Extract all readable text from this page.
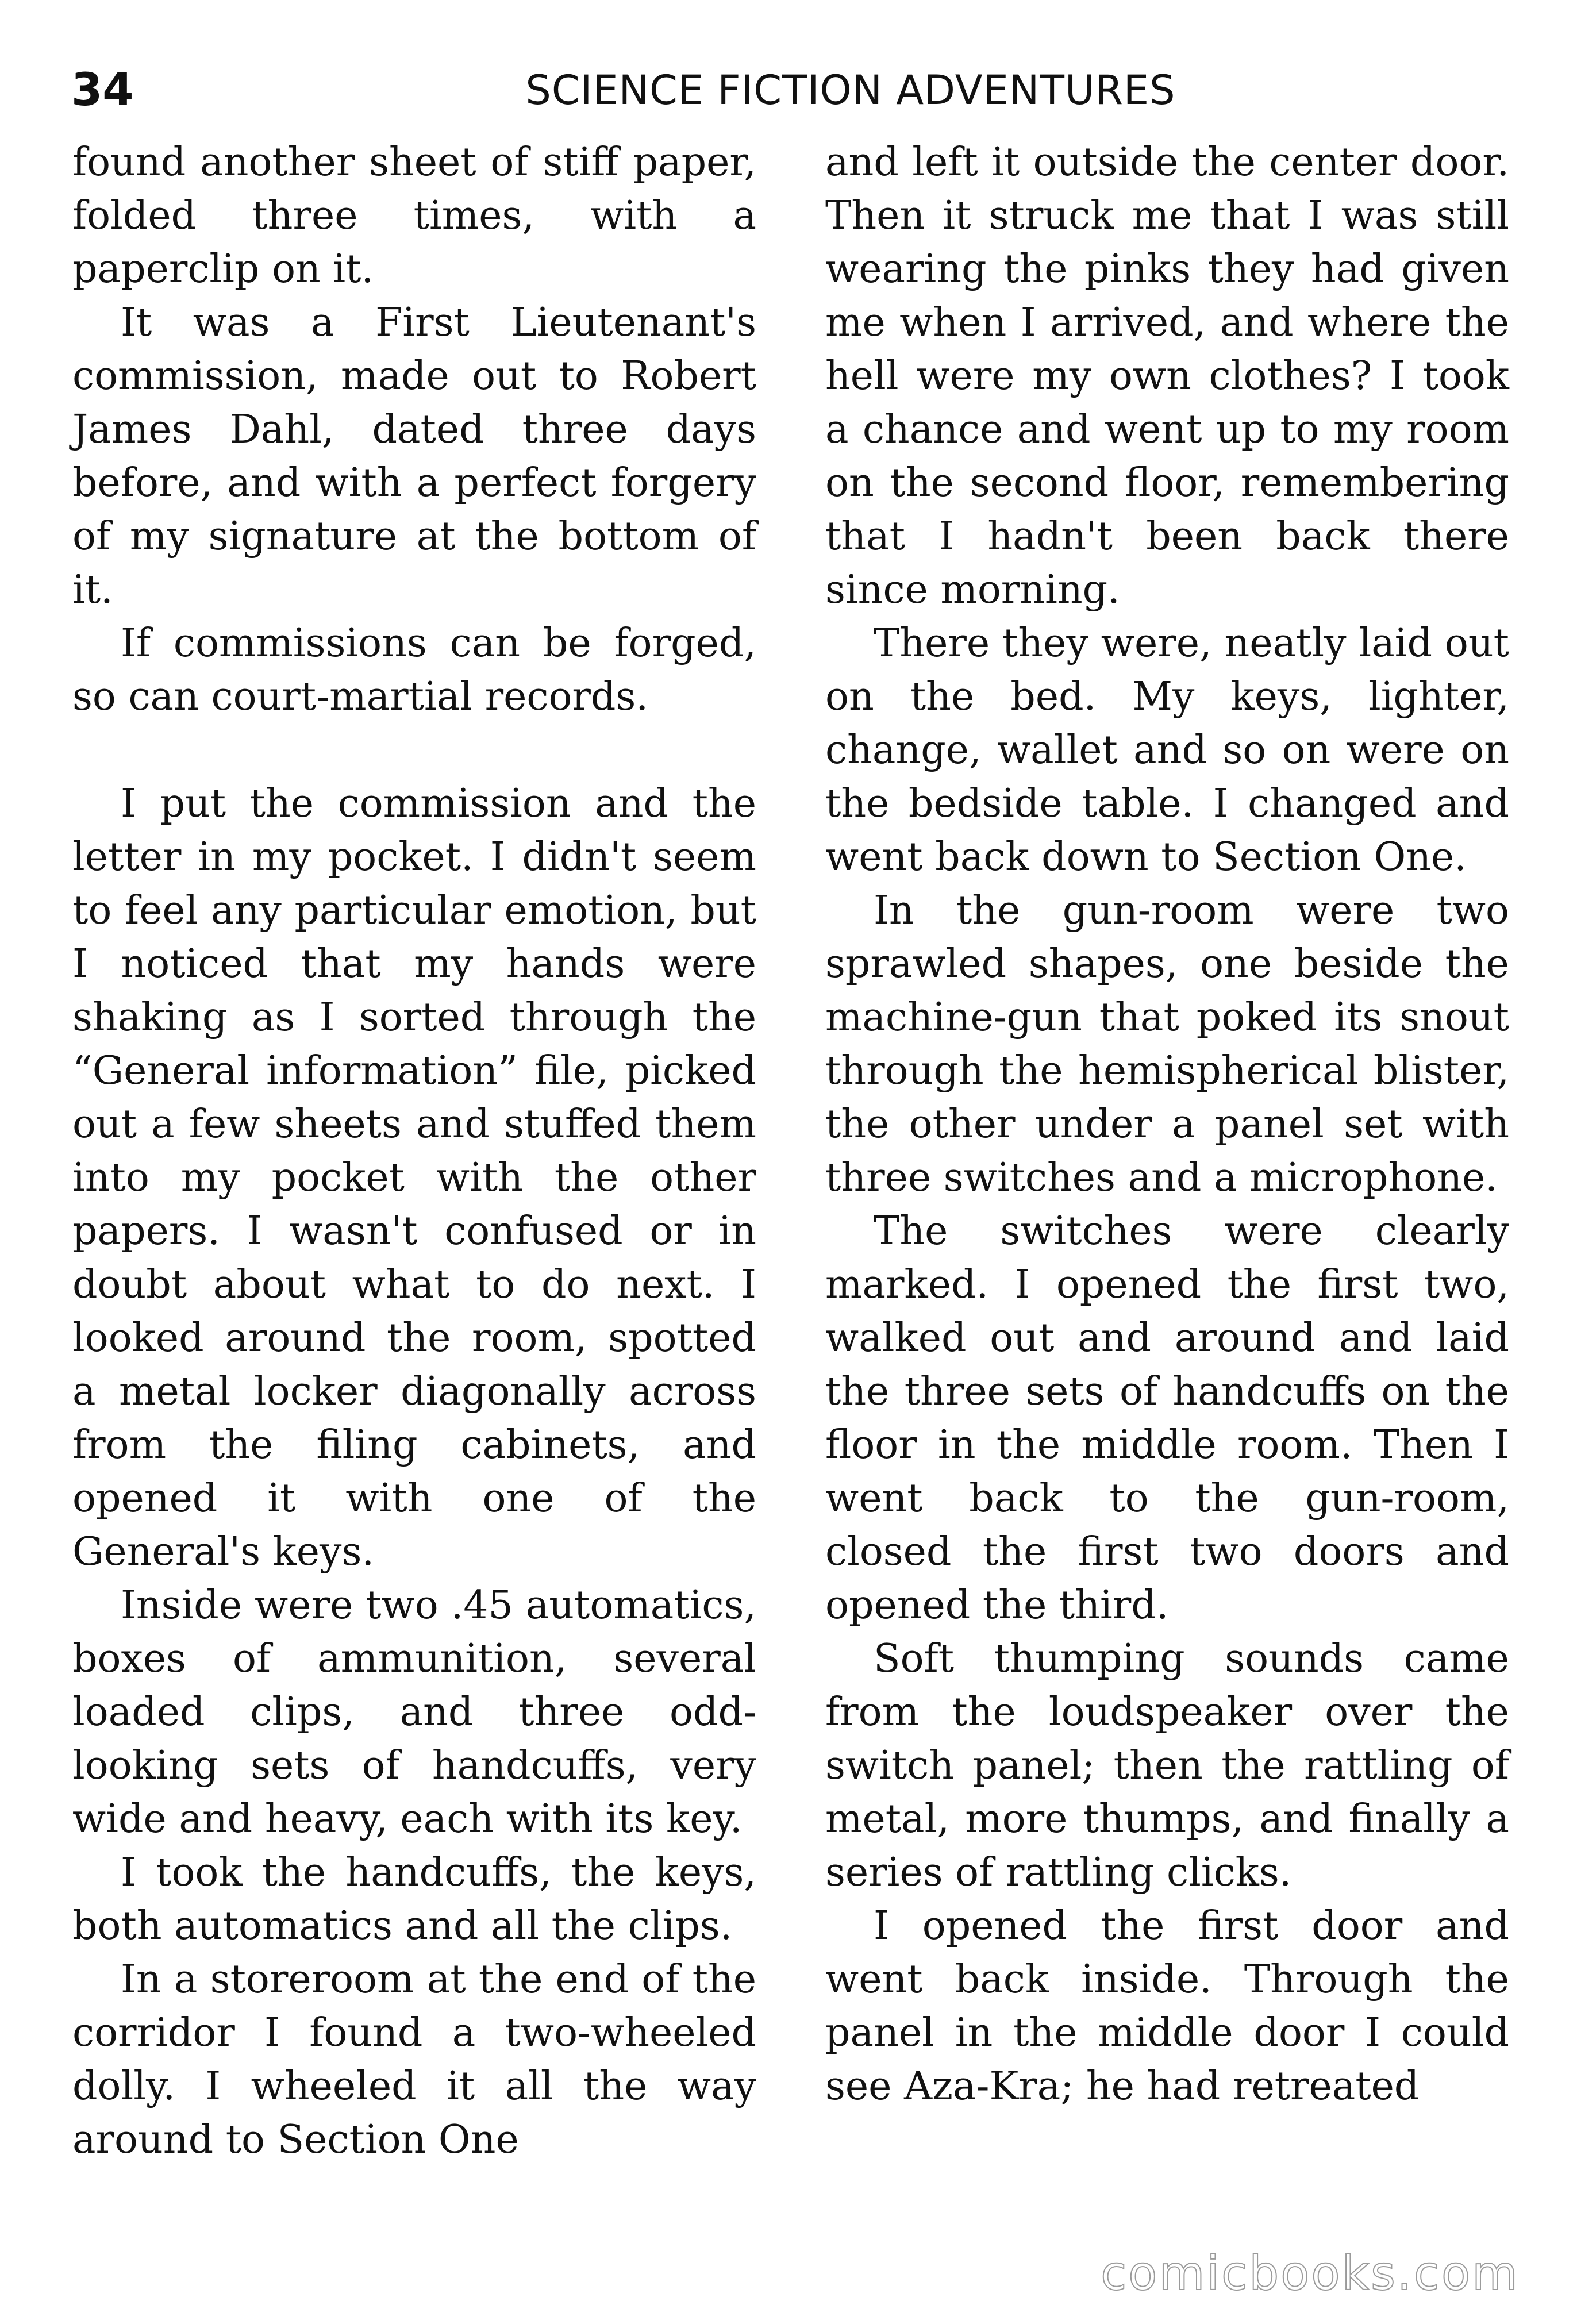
34	SCIENCE FICTION ADVENTURES

found another sheet of stiff paper, folded three times, with a paperclip on it.

It was a First Lieutenant's commission, made out to Robert James Dahl, dated three days before, and with a perfect forgery of my signature at the bottom of it.

If commissions can be forged, so can court-martial records.

I put the commission and the letter in my pocket. I didn't seem to feel any particular emotion, but I noticed that my hands were shaking as I sorted through the “General information” file, picked out a few sheets and stuffed them into my pocket with the other papers. I wasn't confused or in doubt about what to do next. I looked around the room, spotted a metal locker diagonally across from the filing cabinets, and opened it with one of the General's keys.

Inside were two .45 automatics, boxes of ammunition, several loaded clips, and three odd-looking sets of handcuffs, very wide and heavy, each with its key.

I took the handcuffs, the keys, both automatics and all the clips.

In a storeroom at the end of the corridor I found a two-wheeled dolly. I wheeled it all the way around to Section One

and left it outside the center door. Then it struck me that I was still wearing the pinks they had given me when I arrived, and where the hell were my own clothes? I took a chance and went up to my room on the second floor, remembering that I hadn't been back there since morning.

There they were, neatly laid out on the bed. My keys, lighter, change, wallet and so on were on the bedside table. I changed and went back down to Section One.

In the gun-room were two sprawled shapes, one beside the machine-gun that poked its snout through the hemispherical blister, the other under a panel set with three switches and a microphone.

The switches were clearly marked. I opened the first two, walked out and around and laid the three sets of handcuffs on the floor in the middle room. Then I went back to the gun-room, closed the first two doors and opened the third.

Soft thumping sounds came from the loudspeaker over the switch panel; then the rattling of metal, more thumps, and finally a series of rattling clicks.

I opened the first door and went back inside. Through the panel in the middle door I could see Aza-Kra; he had retreated

comicbooks.com
